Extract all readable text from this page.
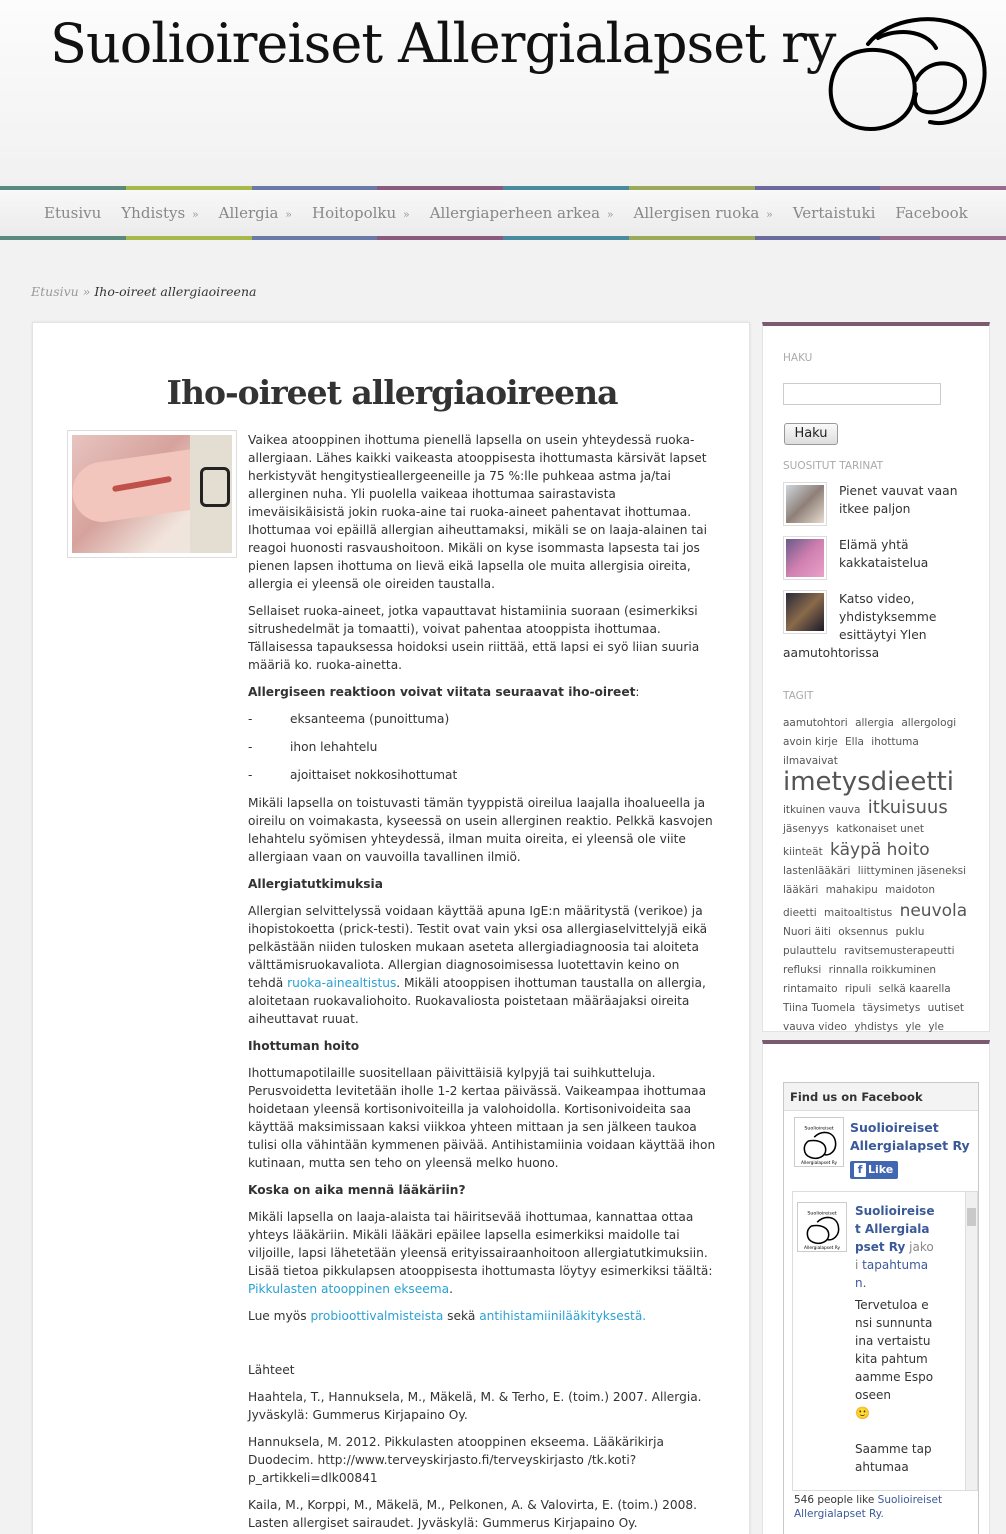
Suolioireiset Allergialapset ry
Etusivu Yhdistys » Allergia » Hoitopolku » Allergiaperheen arkea » Allergisen ruoka » Vertaistuki Facebook
Etusivu » Iho-oireet allergiaoireena
Iho-oireet allergiaoireena

Vaikea atooppinen ihottuma pienellä lapsella on usein yhteydessä ruoka-allergiaan. Lähes kaikki vaikeasta atooppisesta ihottumasta kärsivät lapset herkistyvät hengitystieallergeeneille ja 75 %:lle puhkeaa astma ja/tai allerginen nuha. Yli puolella vaikeaa ihottumaa sairastavista imeväisikäisistä jokin ruoka-aine tai ruoka-aineet pahentavat ihottumaa. Ihottumaa voi epäillä allergian aiheuttamaksi, mikäli se on laaja-alainen tai reagoi huonosti rasvaushoitoon. Mikäli on kyse isommasta lapsesta tai jos pienen lapsen ihottuma on lievä eikä lapsella ole muita allergisia oireita, allergia ei yleensä ole oireiden taustalla.

Sellaiset ruoka-aineet, jotka vapauttavat histamiinia suoraan (esimerkiksi sitrushedelmät ja tomaatti), voivat pahentaa atooppista ihottumaa. Tällaisessa tapauksessa hoidoksi usein riittää, että lapsi ei syö liian suuria määriä ko. ruoka-ainetta.

Allergiseen reaktioon voivat viitata seuraavat iho-oireet:

-	eksanteema (punoittuma)
-	ihon lehahtelu
-	ajoittaiset nokkosihottumat

Mikäli lapsella on toistuvasti tämän tyyppistä oireilua laajalla ihoalueella ja oireilu on voimakasta, kyseessä on usein allerginen reaktio. Pelkkä kasvojen lehahtelu syömisen yhteydessä, ilman muita oireita, ei yleensä ole viite allergiaan vaan on vauvoilla tavallinen ilmiö.

Allergiatutkimuksia

Allergian selvittelyssä voidaan käyttää apuna IgE:n määritystä (verikoe) ja ihopistokoetta (prick-testi). Testit ovat vain yksi osa allergiaselvittelyjä eikä pelkästään niiden tulosken mukaan aseteta allergiadiagnoosia tai aloiteta välttämisruokavaliota. Allergian diagnosoimisessa luotettavin keino on tehdä ruoka-ainealtistus. Mikäli atooppisen ihottuman taustalla on allergia, aloitetaan ruokavaliohoito. Ruokavaliosta poistetaan määräajaksi oireita aiheuttavat ruuat.

Ihottuman hoito

Ihottumapotilaille suositellaan päivittäisiä kylpyjä tai suihkutteluja. Perusvoidetta levitetään iholle 1-2 kertaa päivässä. Vaikeampaa ihottumaa hoidetaan yleensä kortisonivoiteilla ja valohoidolla. Kortisonivoideita saa käyttää maksimissaan kaksi viikkoa yhteen mittaan ja sen jälkeen taukoa tulisi olla vähintään kymmenen päivää. Antihistamiinia voidaan käyttää ihon kutinaan, mutta sen teho on yleensä melko huono.

Koska on aika mennä lääkäriin?

Mikäli lapsella on laaja-alaista tai häiritsevää ihottumaa, kannattaa ottaa yhteys lääkäriin. Mikäli lääkäri epäilee lapsella esimerkiksi maidolle tai viljoille, lapsi lähetetään yleensä erityissairaanhoitoon allergiatutkimuksiin. Lisää tietoa pikkulapsen atooppisesta ihottumasta löytyy esimerkiksi täältä: Pikkulasten atooppinen ekseema.

Lue myös probioottivalmisteista sekä antihistamiinilääkityksestä.

Lähteet

Haahtela, T., Hannuksela, M., Mäkelä, M. & Terho, E. (toim.) 2007. Allergia. Jyväskylä: Gummerus Kirjapaino Oy.

Hannuksela, M. 2012. Pikkulasten atooppinen ekseema. Lääkärikirja Duodecim. http://www.terveyskirjasto.fi/terveyskirjasto /tk.koti?p_artikkeli=dlk00841

Kaila, M., Korppi, M., Mäkelä, M., Pelkonen, A. & Valovirta, E. (toim.) 2008. Lasten allergiset sairaudet. Jyväskylä: Gummerus Kirjapaino Oy.

HAKU
Haku
SUOSITUT TARINAT
Pienet vauvat vaan itkee paljon
Elämä yhtä kakkataistelua
Katso video, yhdistyksemme esittäytyi Ylen aamutohtorissa
TAGIT
aamutohtori allergia allergologi avoin kirje Ella ihottuma ilmavaivat imetysdieetti itkuinen vauva itkuisuus jäsenyys katkonaiset unet kiinteät käypä hoito lastenlääkäri liittyminen jäseneksi lääkäri mahakipu maidoton dieetti maitoaltistus neuvola Nuori äiti oksennus puklu pulauttelu ravitsemusterapeutti refluksi rinnalla roikkuminen rintamaito ripuli selkä kaarella Tiina Tuomela täysimetys uutiset vauva video yhdistys yle yle
Find us on Facebook
Suolioireiset
Allergialapset Ry
Suolioireiset Allergialapset Ry
f Like
Suolioireiset
Allergialapset Ry
Suolioireiset Allergialapset Ry jakoi tapahtuman.
Tervetuloa ensi sunnuntaina vertaistukita pahtumaamme Espooseen
🙂

Saamme tapahtumaa
546 people like Suolioireiset Allergialapset Ry.
